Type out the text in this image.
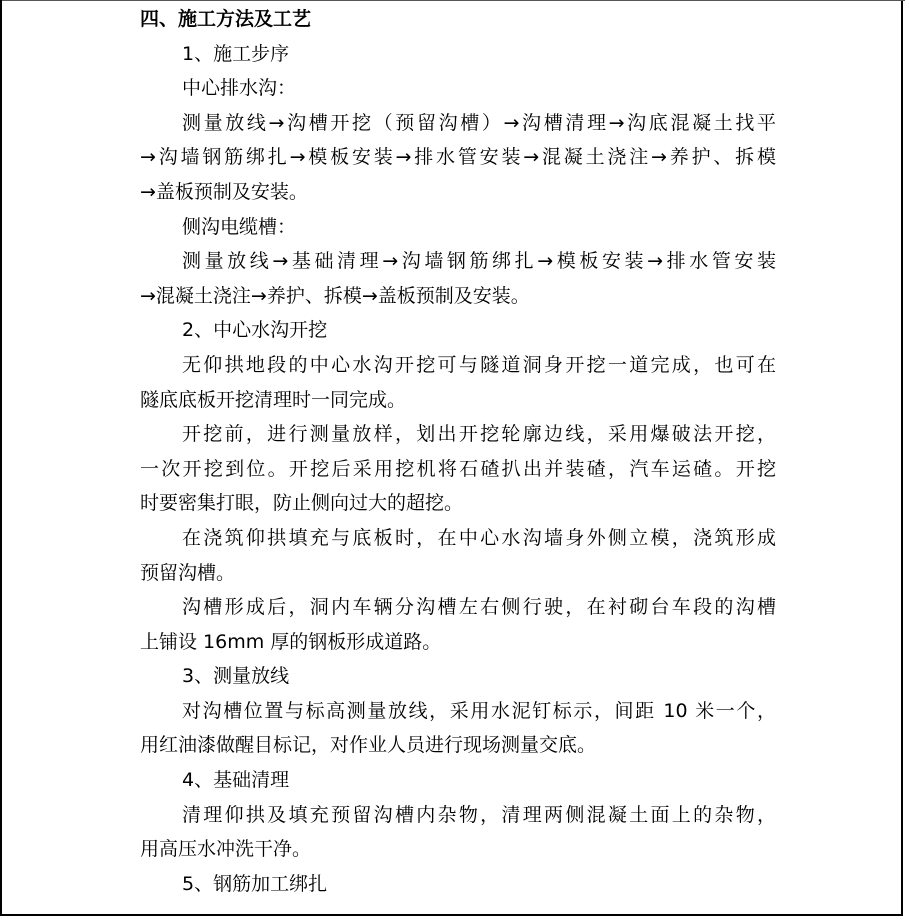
四、施工方法及工艺
1、施工步序
中心排水沟：
测量放线→沟槽开挖（预留沟槽）→沟槽清理→沟底混凝土找平
→沟墙钢筋绑扎→模板安装→排水管安装→混凝土浇注→养护、拆模
→盖板预制及安装。
侧沟电缆槽：
测量放线→基础清理→沟墙钢筋绑扎→模板安装→排水管安装
→混凝土浇注→养护、拆模→盖板预制及安装。
2、中心水沟开挖
无仰拱地段的中心水沟开挖可与隧道洞身开挖一道完成，也可在
隧底底板开挖清理时一同完成。
开挖前，进行测量放样，划出开挖轮廓边线，采用爆破法开挖，
一次开挖到位。开挖后采用挖机将石碴扒出并装碴，汽车运碴。开挖
时要密集打眼，防止侧向过大的超挖。
在浇筑仰拱填充与底板时，在中心水沟墙身外侧立模，浇筑形成
预留沟槽。
沟槽形成后，洞内车辆分沟槽左右侧行驶，在衬砌台车段的沟槽
上铺设 16mm 厚的钢板形成道路。
3、测量放线
对沟槽位置与标高测量放线，采用水泥钉标示，间距 10 米一个，
用红油漆做醒目标记，对作业人员进行现场测量交底。
4、基础清理
清理仰拱及填充预留沟槽内杂物，清理两侧混凝土面上的杂物，
用高压水冲洗干净。
5、钢筋加工绑扎
